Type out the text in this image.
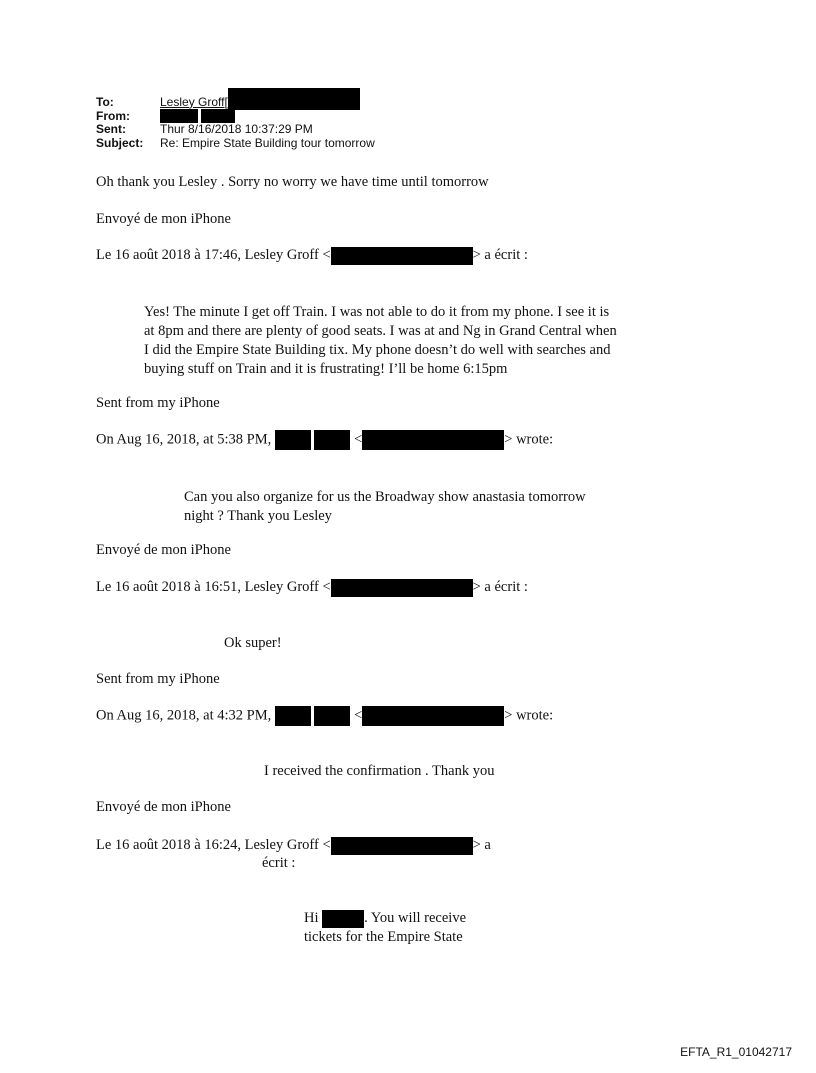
To:	Lesley Groff[
From:

Sent:	Thur 8/16/2018 10:37:29 PM
Subject:	Re: Empire State Building tour tomorrow
Oh thank you Lesley . Sorry no worry we have time until tomorrow
Envoyé de mon iPhone
Le 16 août 2018 à 17:46, Lesley Groff <	> a écrit :
Yes! The minute I get off Train. I was not able to do it from my phone. I see it is
at 8pm and there are plenty of good seats. I was at and Ng in Grand Central when
I did the Empire State Building tix. My phone doesn’t do well with searches and
buying stuff on Train and it is frustrating! I’ll be home 6:15pm
Sent from my iPhone
On Aug 16, 2018, at 5:38 PM,	<	> wrote:
Can you also organize for us the Broadway show anastasia tomorrow
night ? Thank you Lesley
Envoyé de mon iPhone
Le 16 août 2018 à 16:51, Lesley Groff <	> a écrit :
Ok super!
Sent from my iPhone
On Aug 16, 2018, at 4:32 PM,	<	> wrote:
I received the confirmation . Thank you
Envoyé de mon iPhone
Le 16 août 2018 à 16:24, Lesley Groff <	> a
écrit :
Hi	. You will receive
tickets for the Empire State
EFTA_R1_01042717
